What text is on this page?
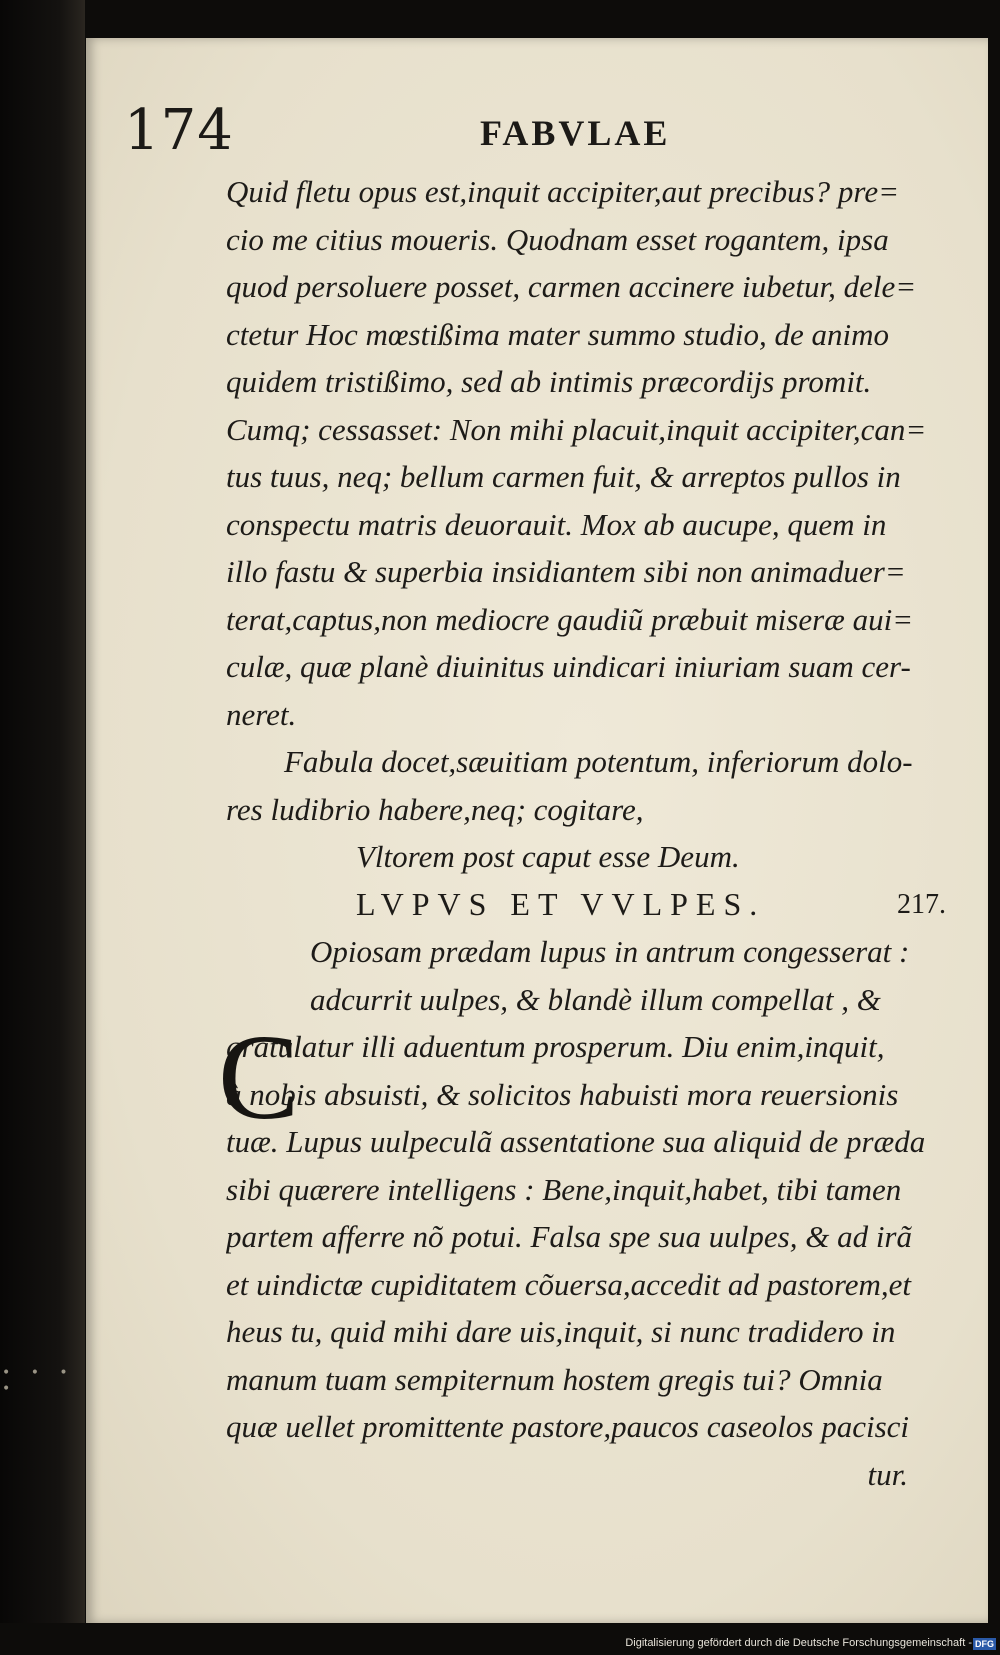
• • • •
174	FABVLAE
Quid fletu opus est,inquit accipiter,aut precibus? pre=
cio me citius moueris. Quodnam esset rogantem, ipsa
quod persoluere posset, carmen accinere iubetur, dele=
ctetur Hoc mœstißima mater summo studio, de animo
quidem tristißimo, sed ab intimis præcordijs promit.
Cumq; cessasset: Non mihi placuit,inquit accipiter,can=
tus tuus, neq; bellum carmen fuit, & arreptos pullos in
conspectu matris deuorauit. Mox ab aucupe, quem in
illo fastu & superbia insidiantem sibi non animaduer=
terat,captus,non mediocre gaudiũ præbuit miseræ aui=
culæ, quæ planè diuinitus uindicari iniuriam suam cer-
neret.
Fabula docet,sæuitiam potentum, inferiorum dolo-
res ludibrio habere,neq; cogitare,
Vltorem post caput esse Deum.
LVPVS ET VVLPES.	217.
Opiosam prædam lupus in antrum congesserat :
adcurrit uulpes, & blandè illum compellat , &
gratulatur illi aduentum prosperum. Diu enim,inquit,
à nobis absuisti, & solicitos habuisti mora reuersionis
tuæ. Lupus uulpeculã assentatione sua aliquid de præda
sibi quærere intelligens : Bene,inquit,habet, tibi tamen
partem afferre nõ potui. Falsa spe sua uulpes, & ad irã
et uindictæ cupiditatem cõuersa,accedit ad pastorem,et
heus tu, quid mihi dare uis,inquit, si nunc tradidero in
manum tuam sempiternum hostem gregis tui? Omnia
quæ uellet promittente pastore,paucos caseolos pacisci
tur.
C
Digitalisierung gefördert durch die Deutsche Forschungsgemeinschaft - DFG
